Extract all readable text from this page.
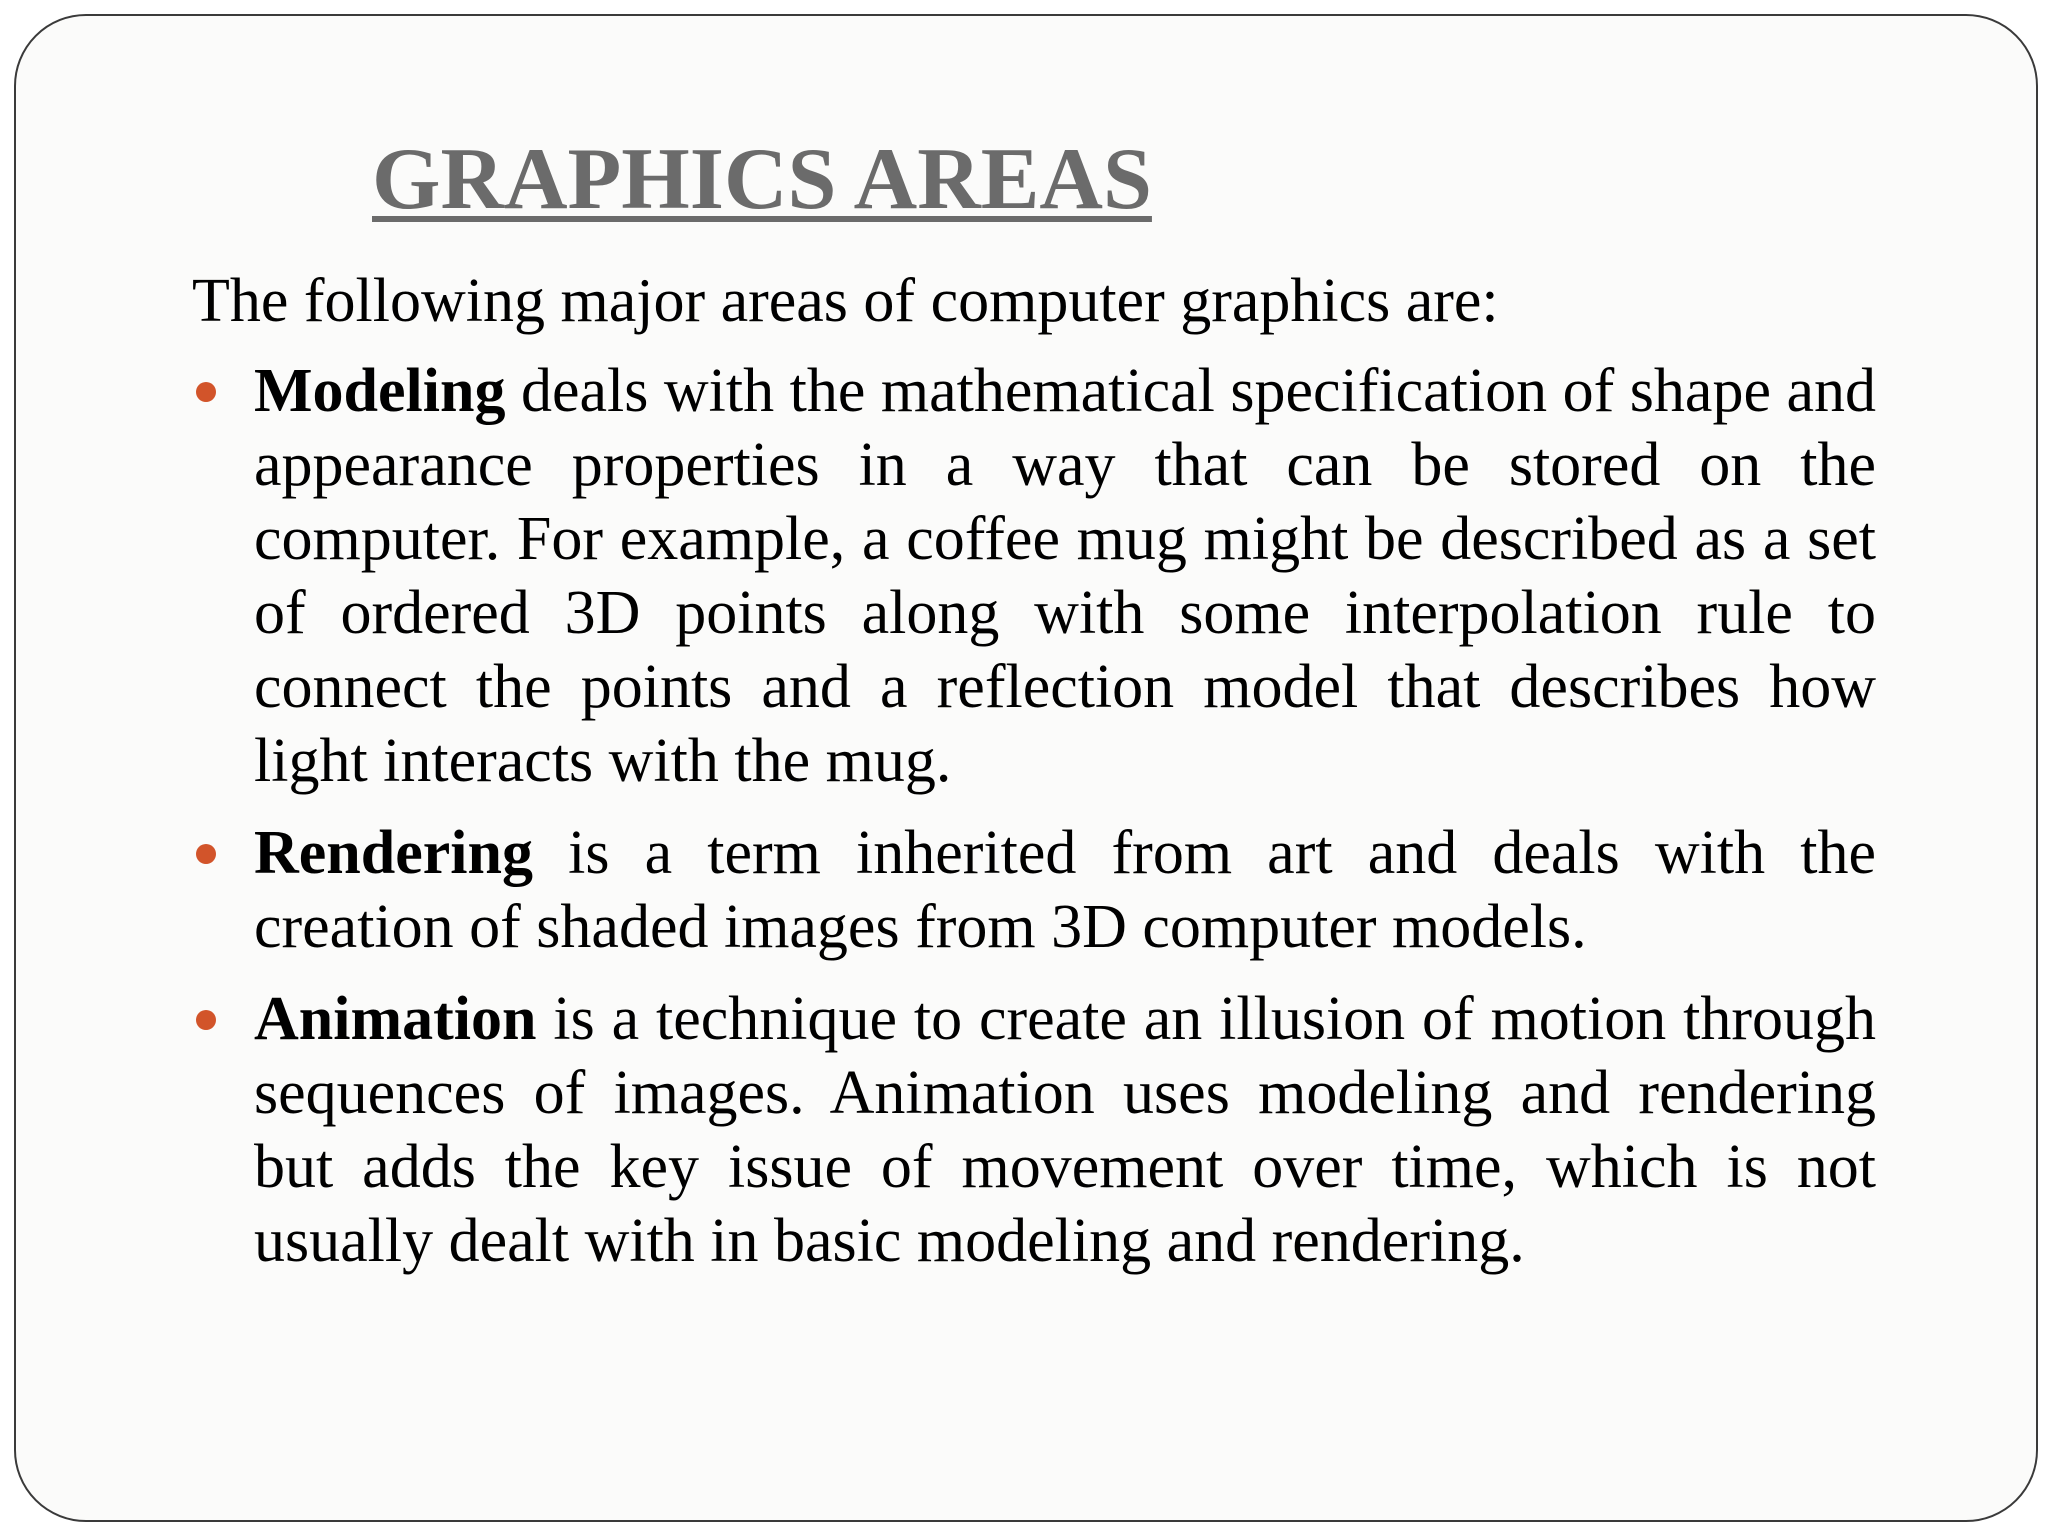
GRAPHICS AREAS

The following major areas of computer graphics are:

Modeling deals with the mathematical specification of shape and appearance properties in a way that can be stored on the computer. For example, a coffee mug might be described as a set of ordered 3D points along with some interpolation rule to connect the points and a reflection model that describes how light interacts with the mug.
Rendering is a term inherited from art and deals with the creation of shaded images from 3D computer models.
Animation is a technique to create an illusion of motion through sequences of images. Animation uses modeling and rendering but adds the key issue of movement over time, which is not usually dealt with in basic modeling and rendering.
